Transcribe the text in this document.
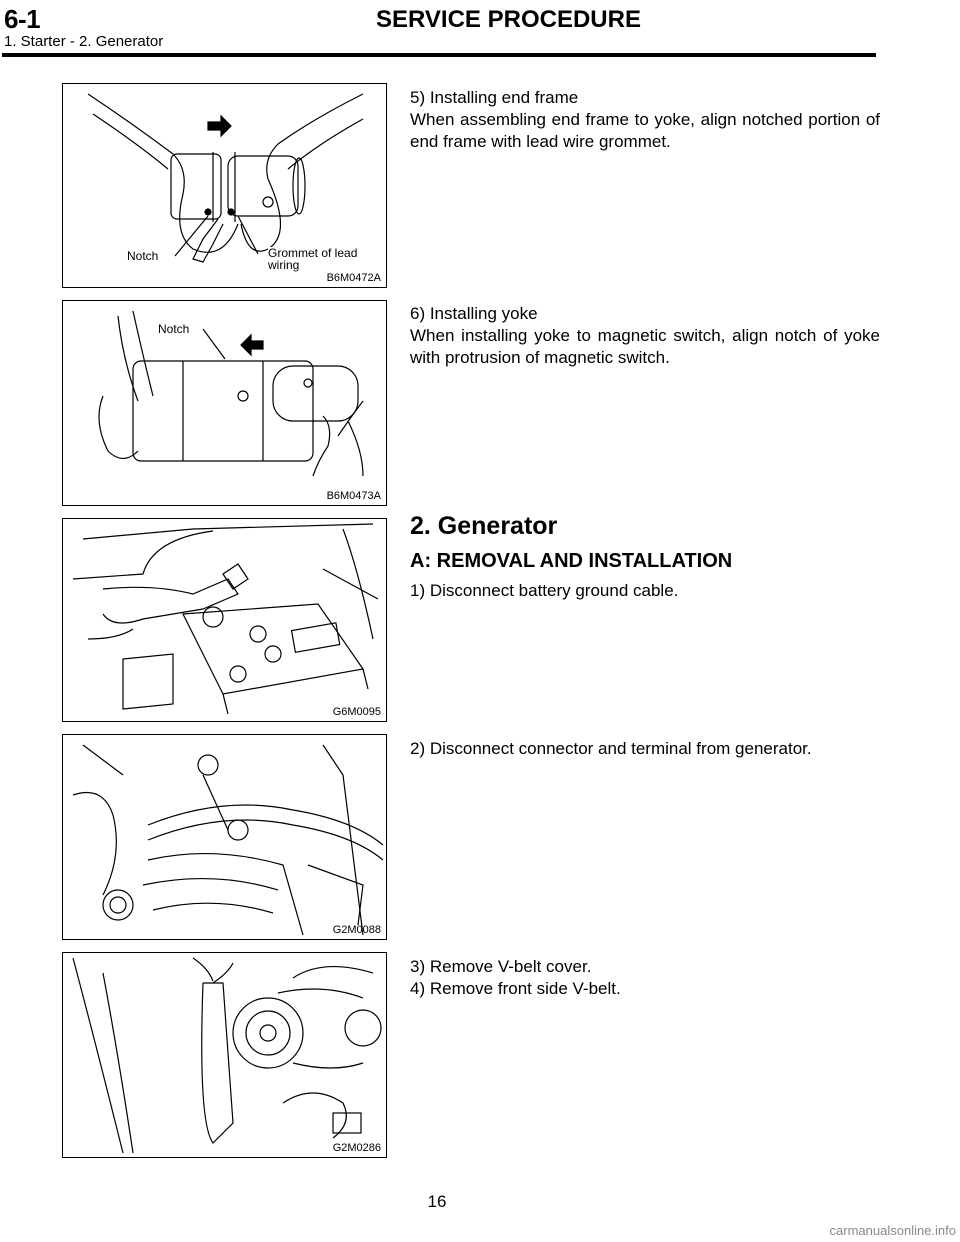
6-1	SERVICE PROCEDURE
1. Starter - 2. Generator
Notch	Grommet of lead
wiring
B6M0472A

5) Installing end frame

When assembling end frame to yoke, align notched portion of end frame with lead wire grommet.

Notch
B6M0473A

6) Installing yoke

When installing yoke to magnetic switch, align notch of yoke with protrusion of magnetic switch.

G6M0095
2. Generator
A: REMOVAL AND INSTALLATION
1) Disconnect battery ground cable.
G2M0088
2) Disconnect connector and terminal from generator.
G2M0286

3) Remove V-belt cover.

4) Remove front side V-belt.

16
carmanualsonline.info
